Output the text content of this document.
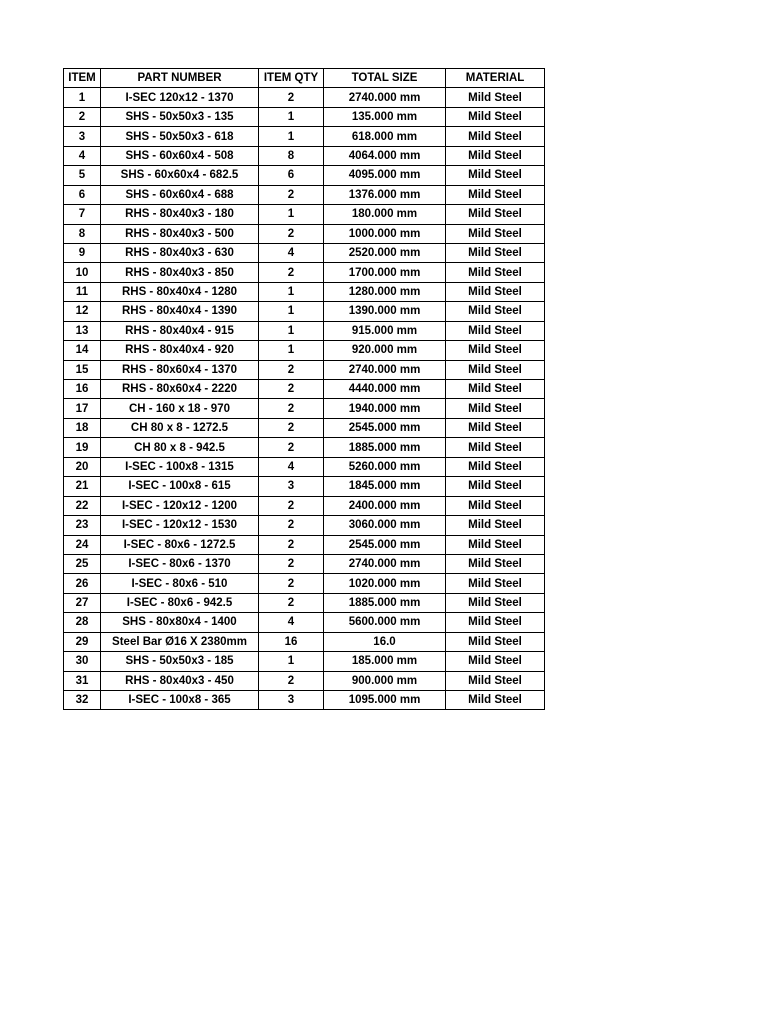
ITEM	PART NUMBER	ITEM QTY	TOTAL SIZE	MATERIAL
1	I-SEC 120x12 - 1370	2	2740.000 mm	Mild Steel
2	SHS - 50x50x3 - 135	1	135.000 mm	Mild Steel
3	SHS - 50x50x3 - 618	1	618.000 mm	Mild Steel
4	SHS - 60x60x4 - 508	8	4064.000 mm	Mild Steel
5	SHS - 60x60x4 - 682.5	6	4095.000 mm	Mild Steel
6	SHS - 60x60x4 - 688	2	1376.000 mm	Mild Steel
7	RHS - 80x40x3 - 180	1	180.000 mm	Mild Steel
8	RHS - 80x40x3 - 500	2	1000.000 mm	Mild Steel
9	RHS - 80x40x3 - 630	4	2520.000 mm	Mild Steel
10	RHS - 80x40x3 - 850	2	1700.000 mm	Mild Steel
11	RHS - 80x40x4 - 1280	1	1280.000 mm	Mild Steel
12	RHS - 80x40x4 - 1390	1	1390.000 mm	Mild Steel
13	RHS - 80x40x4 - 915	1	915.000 mm	Mild Steel
14	RHS - 80x40x4 - 920	1	920.000 mm	Mild Steel
15	RHS - 80x60x4 - 1370	2	2740.000 mm	Mild Steel
16	RHS - 80x60x4 - 2220	2	4440.000 mm	Mild Steel
17	CH - 160 x 18 - 970	2	1940.000 mm	Mild Steel
18	CH 80 x 8 - 1272.5	2	2545.000 mm	Mild Steel
19	CH 80 x 8 - 942.5	2	1885.000 mm	Mild Steel
20	I-SEC - 100x8 - 1315	4	5260.000 mm	Mild Steel
21	I-SEC - 100x8 - 615	3	1845.000 mm	Mild Steel
22	I-SEC - 120x12 - 1200	2	2400.000 mm	Mild Steel
23	I-SEC - 120x12 - 1530	2	3060.000 mm	Mild Steel
24	I-SEC - 80x6 - 1272.5	2	2545.000 mm	Mild Steel
25	I-SEC - 80x6 - 1370	2	2740.000 mm	Mild Steel
26	I-SEC - 80x6 - 510	2	1020.000 mm	Mild Steel
27	I-SEC - 80x6 - 942.5	2	1885.000 mm	Mild Steel
28	SHS - 80x80x4 - 1400	4	5600.000 mm	Mild Steel
29	Steel Bar Ø16 X 2380mm	16	16.0	Mild Steel
30	SHS - 50x50x3 - 185	1	185.000 mm	Mild Steel
31	RHS - 80x40x3 - 450	2	900.000 mm	Mild Steel
32	I-SEC - 100x8 - 365	3	1095.000 mm	Mild Steel
